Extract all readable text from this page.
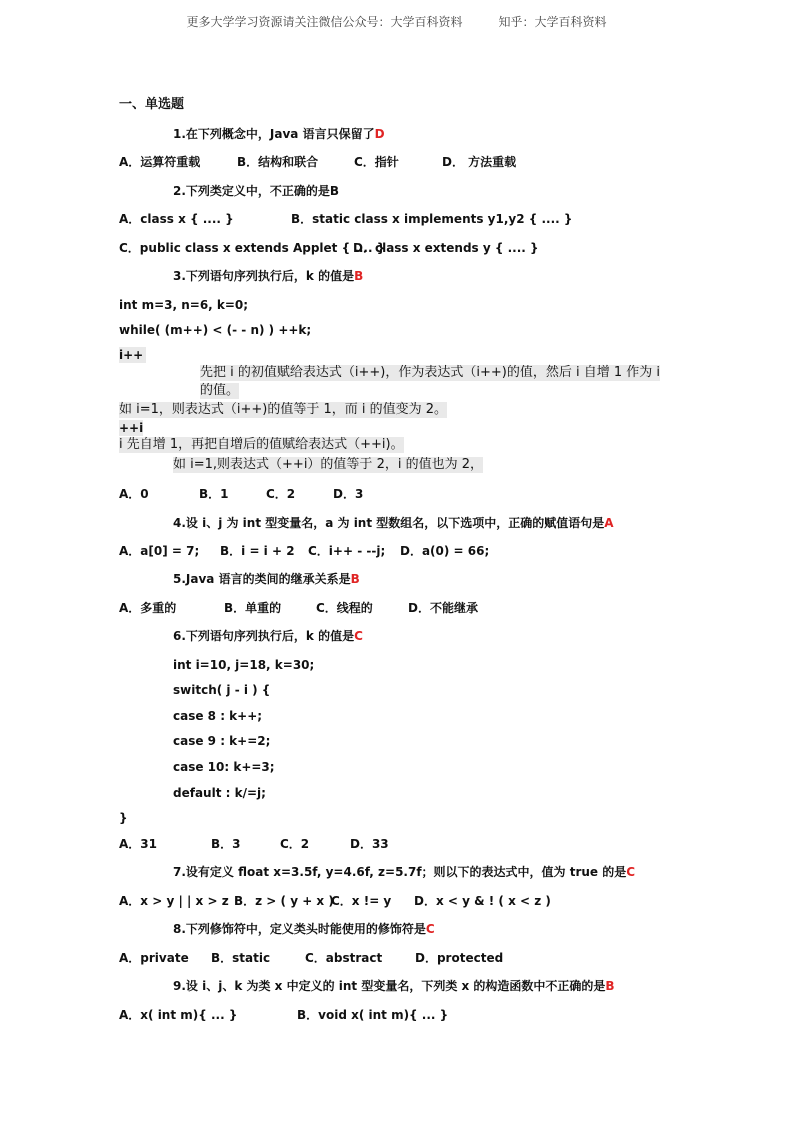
更多大学学习资源请关注微信公众号：大学百科资料	知乎：大学百科资料
一、单选题
1.在下列概念中，Java 语言只保留了D
A．运算符重载	B．结构和联合	C．指针	D． 方法重载
2.下列类定义中，不正确的是B
A．class x { .... }	B．static class x implements y1,y2 { .... }
C．public class x extends Applet { .... }D．class x extends y { .... }
3.下列语句序列执行后，k 的值是B
int m=3, n=6, k=0;
while( (m++) < (- - n) ) ++k;
i++
先把 i 的初值赋给表达式（i++)，作为表达式（i++)的值，然后 i 自增 1 作为 i
的值。
如 i=1，则表达式（i++)的值等于 1，而 i 的值变为 2。
++i
i 先自增 1，再把自增后的值赋给表达式（++i)。
如 i=1,则表达式（++i）的值等于 2，i 的值也为 2，
A．0	B．1	C．2	D．3
4.设 i、j 为 int 型变量名，a 为 int 型数组名，以下选项中，正确的赋值语句是A
A．a[0] = 7; B．i = i + 2 C．i++ - --j; D．a(0) = 66;
5.Java 语言的类间的继承关系是B
A．多重的	B．单重的	C．线程的	D．不能继承
6.下列语句序列执行后，k 的值是C
int i=10, j=18, k=30;
switch( j - i ) {
case 8 : k++;
case 9 : k+=2;
case 10: k+=3;
default : k/=j;
}
A．31	B．3	C．2	D．33
7.设有定义 float x=3.5f, y=4.6f, z=5.7f；则以下的表达式中，值为 true 的是C
A．x > y | | x > z B．z > ( y + x )C．x != y D．x < y & ! ( x < z )
8.下列修饰符中，定义类头时能使用的修饰符是C
A．private B．static	C．abstract	D．protected
9.设 i、j、k 为类 x 中定义的 int 型变量名，下列类 x 的构造函数中不正确的是B
A．x( int m){ ... }	B．void x( int m){ ... }
